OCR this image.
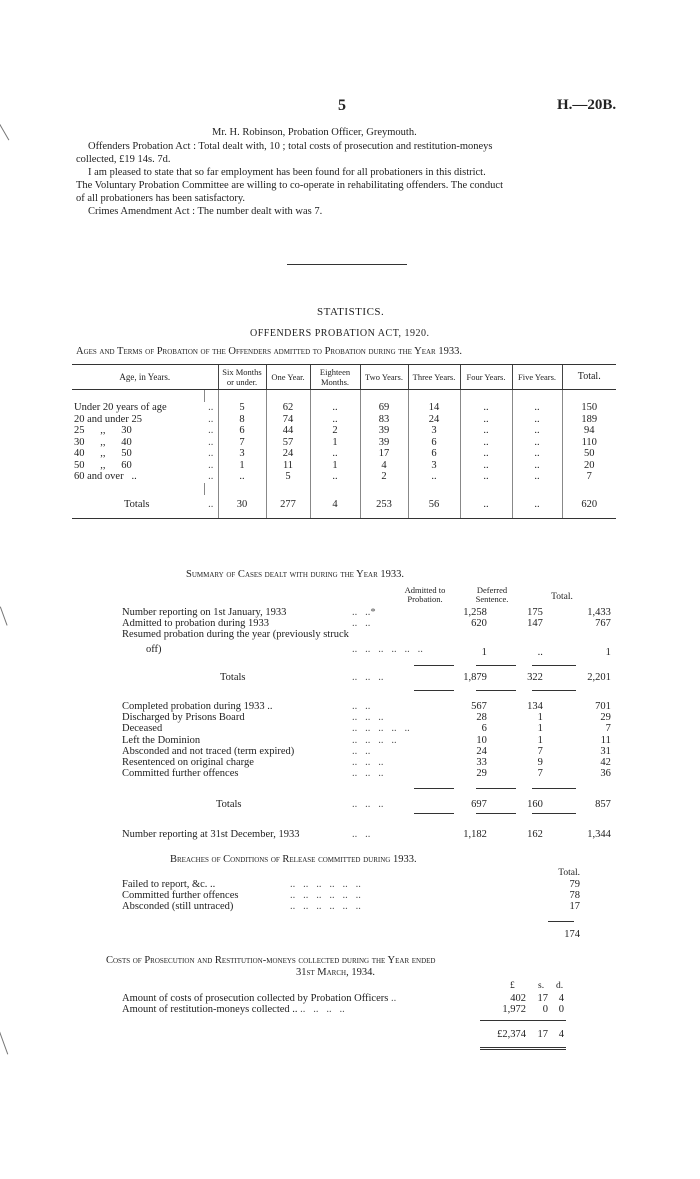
5	H.—20B.
Mr. H. Robinson, Probation Officer, Greymouth.
Offenders Probation Act : Total dealt with, 10 ; total costs of prosecution and restitution-moneys
collected, £19 14s. 7d.
I am pleased to state that so far employment has been found for all probationers in this district.
The Voluntary Probation Committee are willing to co-operate in rehabilitating offenders. The conduct
of all probationers has been satisfactory.
Crimes Amendment Act : The number dealt with was 7.
STATISTICS.
OFFENDERS PROBATION ACT, 1920.
Ages and Terms of Probation of the Offenders admitted to Probation during the Year 1933.
Age, in Years.		Six Months or under.	One Year.	Eighteen Months.	Two Years.	Three Years.	Four Years.	Five Years.	Total.

Under 20 years of age	..	5	62	..	69	14	..	..	150
20 and under 25	..	8	74	..	83	24	..	..	189
25      ,,      30	..	6	44	2	39	3	..	..	94
30      ,,      40	..	7	57	1	39	6	..	..	110
40      ,,      50	..	3	24	..	17	6	..	..	50
50      ,,      60	..	1	11	1	4	3	..	..	20
60 and over   ..	..	..	5	..	2	..	..	..	7

Totals	..	30	277	4	253	56	..	..	620
Summary of Cases dealt with during the Year 1933.
Admitted to Probation.
Deferred Sentence.	Total.
Number reporting on 1st January, 1933	..   ..*	1,258	175	1,433
Admitted to probation during 1933	..   ..	620	147	767
Resumed probation during the year (previously struck				
off)	..   ..   ..   ..   ..   ..	1	..	1

Totals	..   ..   ..	1,879	322	2,201

Completed probation during 1933 ..	..   ..	567	134	701
Discharged by Prisons Board	..   ..   ..	28	1	29
Deceased	..   ..   ..   ..   ..	6	1	7
Left the Dominion	..   ..   ..   ..	10	1	11
Absconded and not traced (term expired)	..   ..	24	7	31
Resentenced on original charge	..   ..   ..	33	9	42
Committed further offences	..   ..   ..	29	7	36

Totals	..   ..   ..	697	160	857

Number reporting at 31st December, 1933	..   ..	1,182	162	1,344
Breaches of Conditions of Release committed during 1933.
Total.
Failed to report, &c. ..	..   ..   ..   ..   ..   ..	79
Committed further offences	..   ..   ..   ..   ..   ..	78
Absconded (still untraced)	..   ..   ..   ..   ..   ..	17
174
Costs of Prosecution and Restitution-moneys collected during the Year ended
31st March, 1934.
£ s. d.
Amount of costs of prosecution collected by Probation Officers ..	402	17	4
Amount of restitution-moneys collected .. ..   ..   ..   ..	1,972	0	0

	£2,374	17	4
